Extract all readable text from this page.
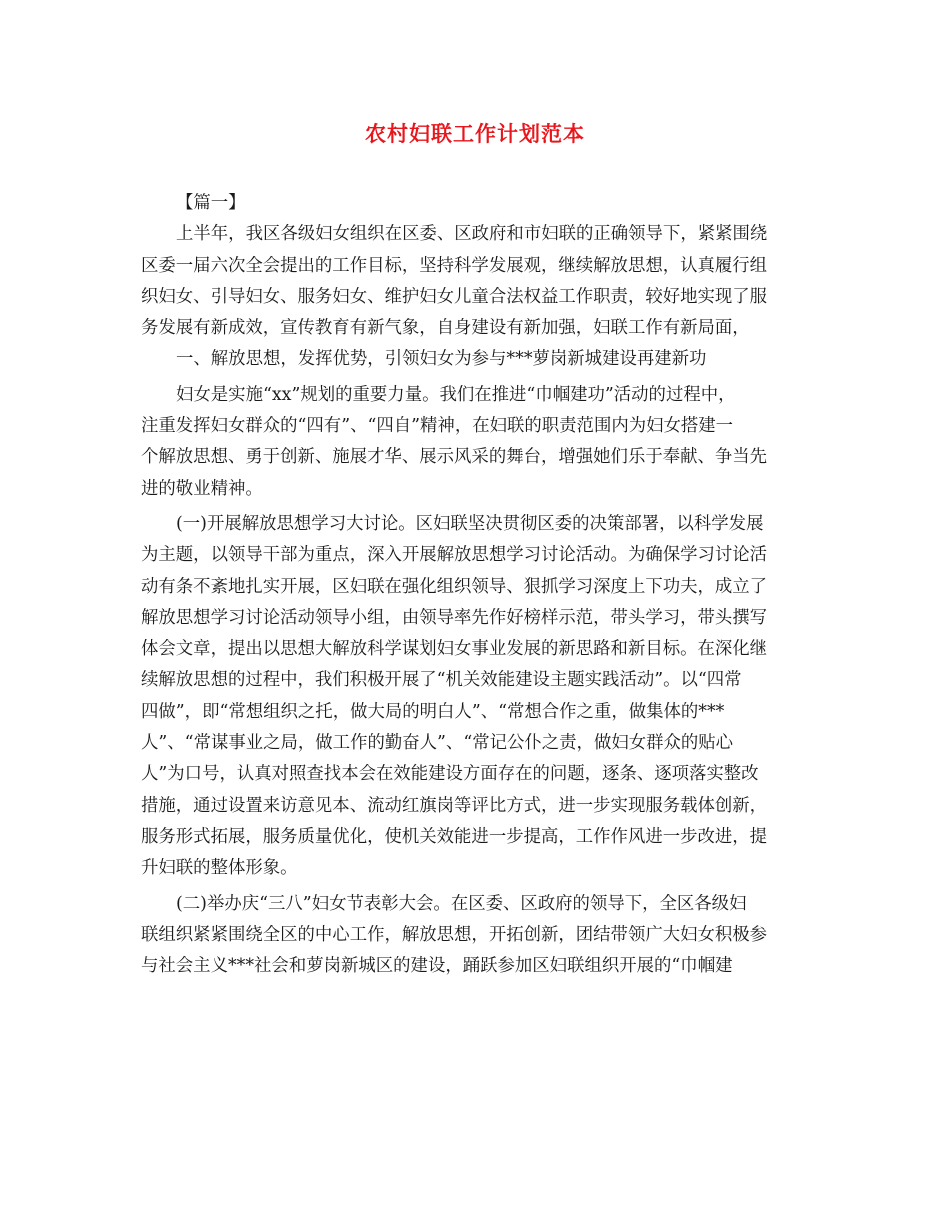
农村妇联工作计划范本

【篇一】

上半年，我区各级妇女组织在区委、区政府和市妇联的正确领导下，紧紧围绕

区委一届六次全会提出的工作目标，坚持科学发展观，继续解放思想，认真履行组

织妇女、引导妇女、服务妇女、维护妇女儿童合法权益工作职责，较好地实现了服

务发展有新成效，宣传教育有新气象，自身建设有新加强，妇联工作有新局面，

一、解放思想，发挥优势，引领妇女为参与***萝岗新城建设再建新功

妇女是实施“xx”规划的重要力量。我们在推进“巾帼建功”活动的过程中，

注重发挥妇女群众的“四有”、“四自”精神，在妇联的职责范围内为妇女搭建一

个解放思想、勇于创新、施展才华、展示风采的舞台，增强她们乐于奉献、争当先

进的敬业精神。

(一)开展解放思想学习大讨论。区妇联坚决贯彻区委的决策部署，以科学发展

为主题，以领导干部为重点，深入开展解放思想学习讨论活动。为确保学习讨论活

动有条不紊地扎实开展，区妇联在强化组织领导、狠抓学习深度上下功夫，成立了

解放思想学习讨论活动领导小组，由领导率先作好榜样示范，带头学习，带头撰写

体会文章，提出以思想大解放科学谋划妇女事业发展的新思路和新目标。在深化继

续解放思想的过程中，我们积极开展了“机关效能建设主题实践活动”。以“四常

四做”，即“常想组织之托，做大局的明白人”、“常想合作之重，做集体的***

人”、“常谋事业之局，做工作的勤奋人”、“常记公仆之责，做妇女群众的贴心

人”为口号，认真对照查找本会在效能建设方面存在的问题，逐条、逐项落实整改

措施，通过设置来访意见本、流动红旗岗等评比方式，进一步实现服务载体创新，

服务形式拓展，服务质量优化，使机关效能进一步提高，工作作风进一步改进，提

升妇联的整体形象。

(二)举办庆“三八”妇女节表彰大会。在区委、区政府的领导下，全区各级妇

联组织紧紧围绕全区的中心工作，解放思想，开拓创新，团结带领广大妇女积极参

与社会主义***社会和萝岗新城区的建设，踊跃参加区妇联组织开展的“巾帼建
